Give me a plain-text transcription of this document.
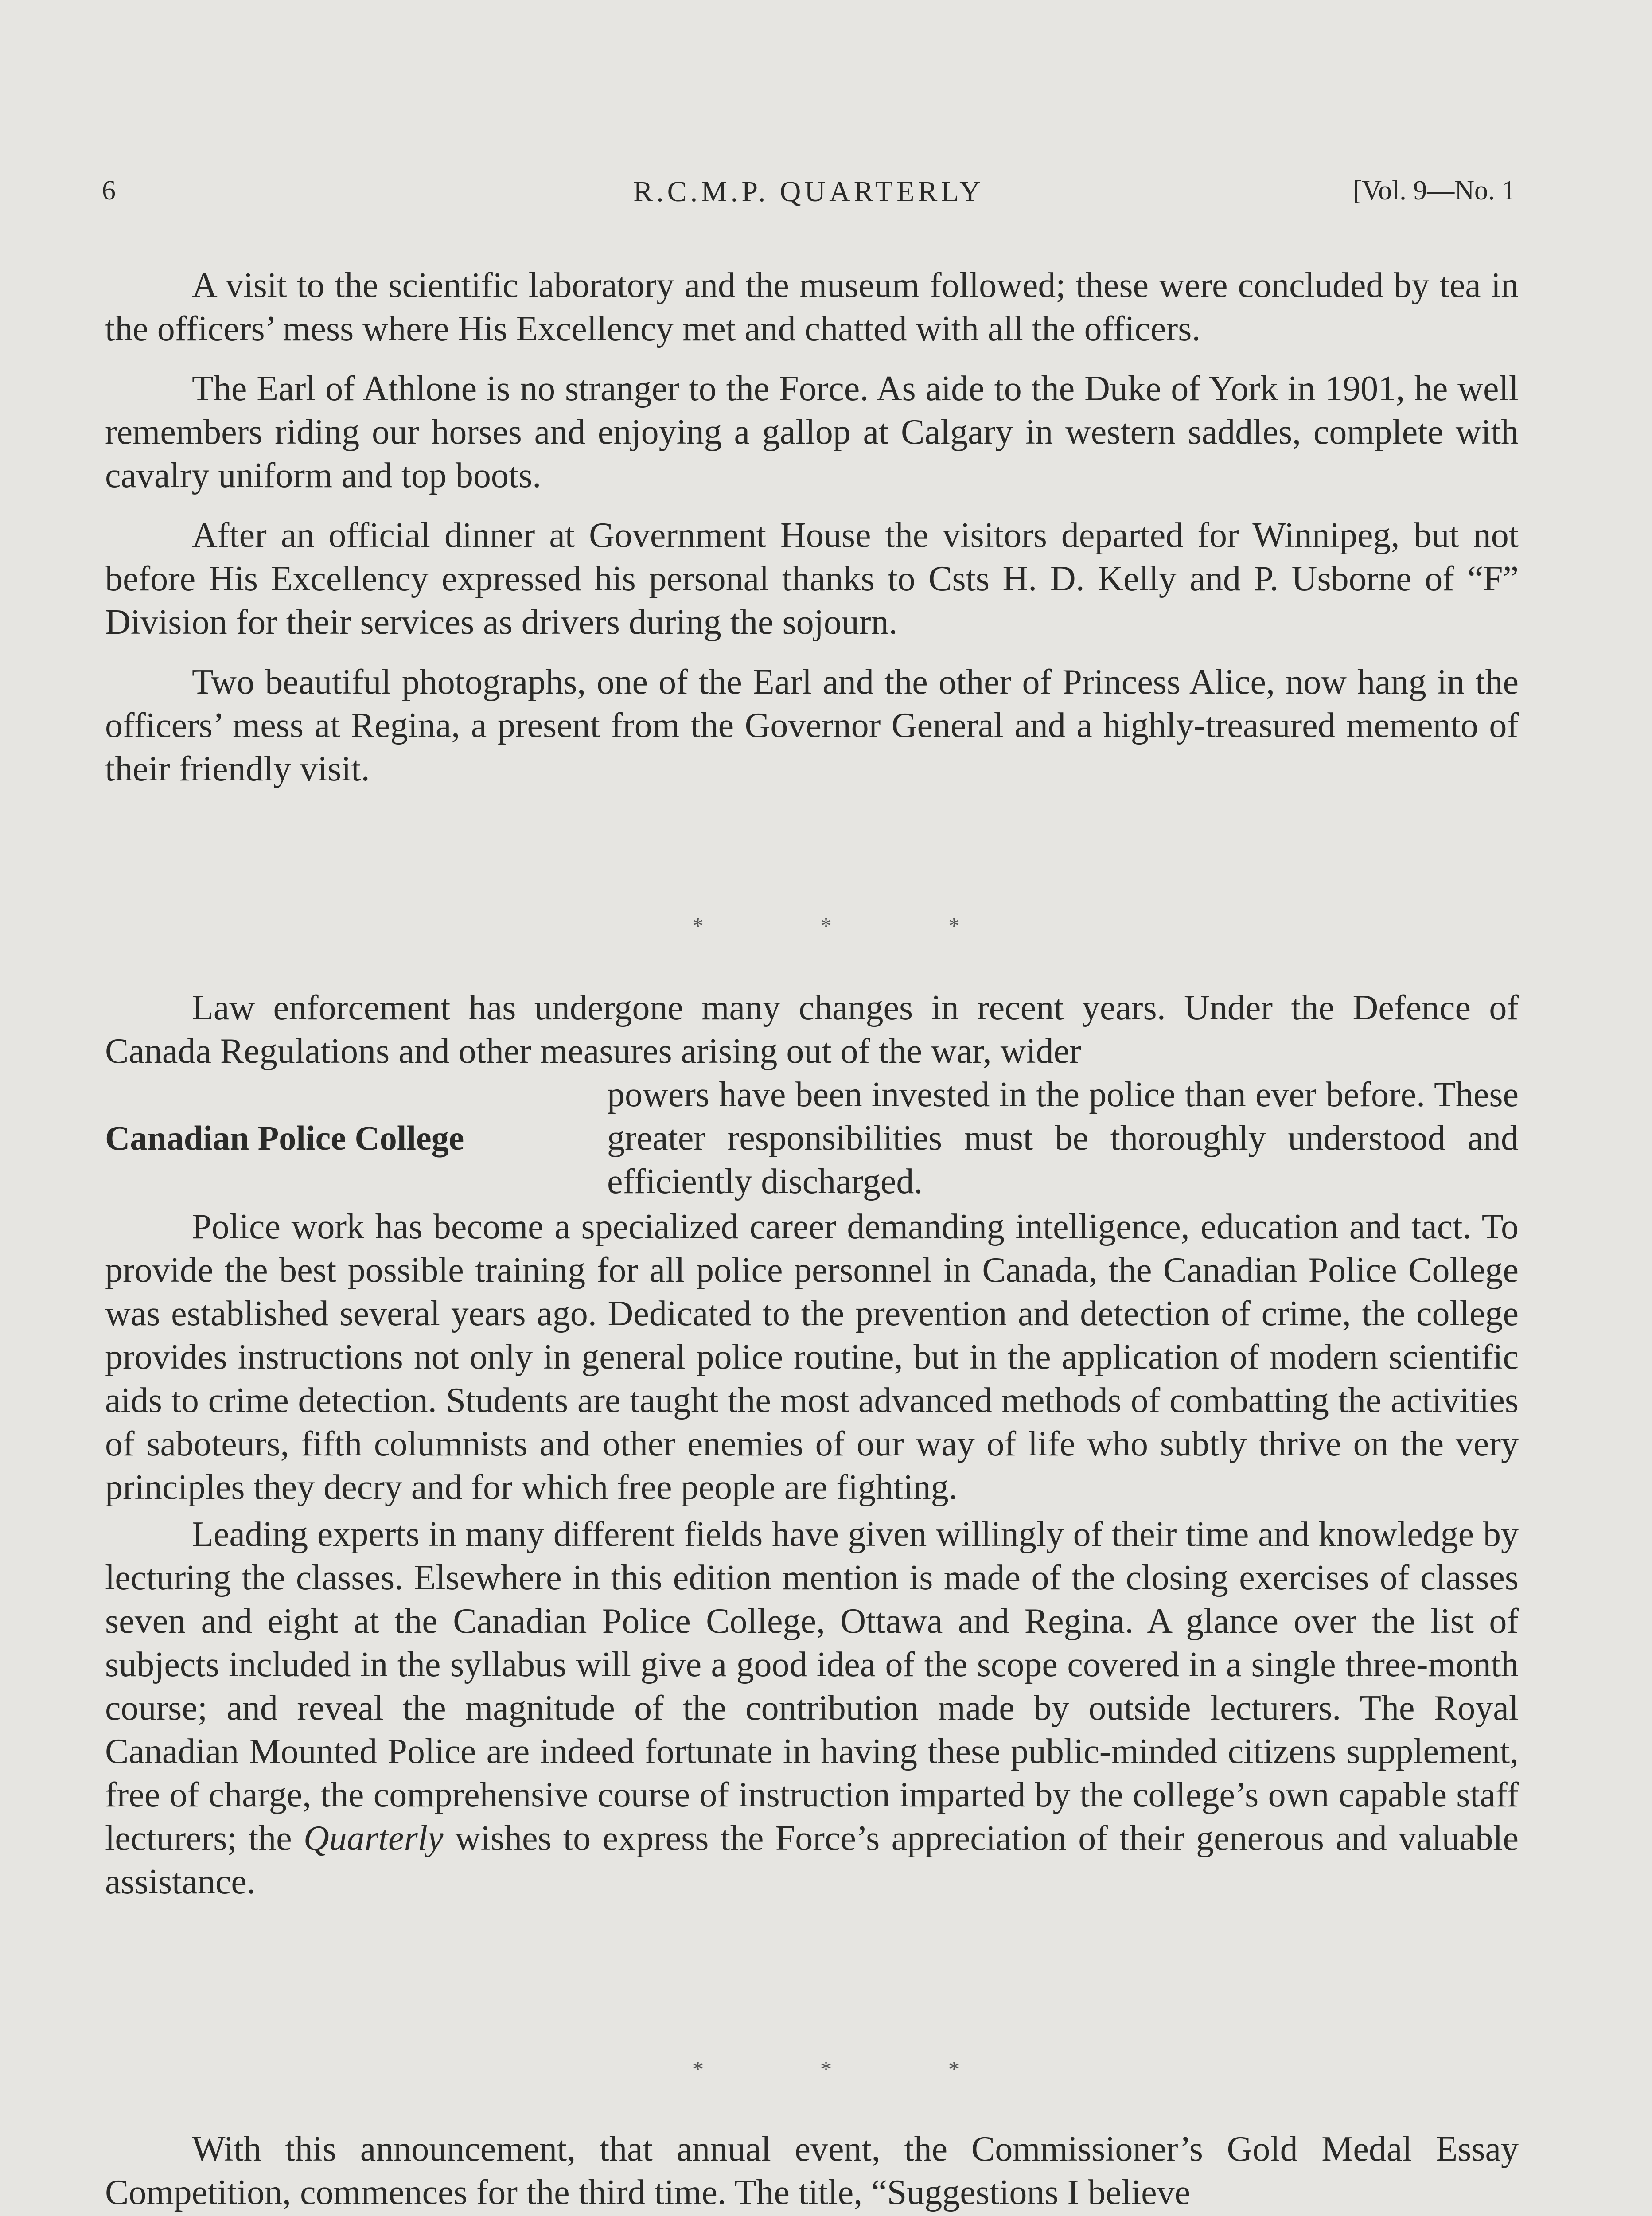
R.C.M.P. QUARTERLY
6	[Vol. 9—No. 1

A visit to the scientific laboratory and the museum followed; these were concluded by tea in the officers’ mess where His Excellency met and chatted with all the officers.

The Earl of Athlone is no stranger to the Force. As aide to the Duke of York in 1901, he well remembers riding our horses and enjoying a gallop at Calgary in western saddles, complete with cavalry uniform and top boots.

After an official dinner at Government House the visitors departed for Winnipeg, but not before His Excellency expressed his personal thanks to Csts H. D. Kelly and P. Usborne of “F” Division for their services as drivers during the sojourn.

Two beautiful photographs, one of the Earl and the other of Princess Alice, now hang in the officers’ mess at Regina, a present from the Governor General and a highly-treasured memento of their friendly visit.

* * *

Law enforcement has undergone many changes in recent years. Under the Defence of Canada Regulations and other measures arising out of the war, wider

Canadian Police College
powers have been invested in the police than ever before. These greater responsibilities must be thoroughly understood and efficiently discharged.

Police work has become a specialized career demanding intelligence, education and tact. To provide the best possible training for all police personnel in Canada, the Canadian Police College was established several years ago. Dedicated to the prevention and detection of crime, the college provides instructions not only in general police routine, but in the application of modern scientific aids to crime detection. Students are taught the most advanced methods of combatting the activities of saboteurs, fifth columnists and other enemies of our way of life who subtly thrive on the very principles they decry and for which free people are fighting.

Leading experts in many different fields have given willingly of their time and knowledge by lecturing the classes. Elsewhere in this edition mention is made of the closing exercises of classes seven and eight at the Canadian Police College, Ottawa and Regina. A glance over the list of subjects included in the syllabus will give a good idea of the scope covered in a single three-month course; and reveal the magnitude of the contribution made by outside lecturers. The Royal Canadian Mounted Police are indeed fortunate in having these public-minded citizens supplement, free of charge, the comprehensive course of instruction imparted by the college’s own capable staff lecturers; the Quarterly wishes to express the Force’s appreciation of their generous and valuable assistance.

* * *

With this announcement, that annual event, the Commissioner’s Gold Medal Essay Competition, commences for the third time. The title, “Suggestions I believe
